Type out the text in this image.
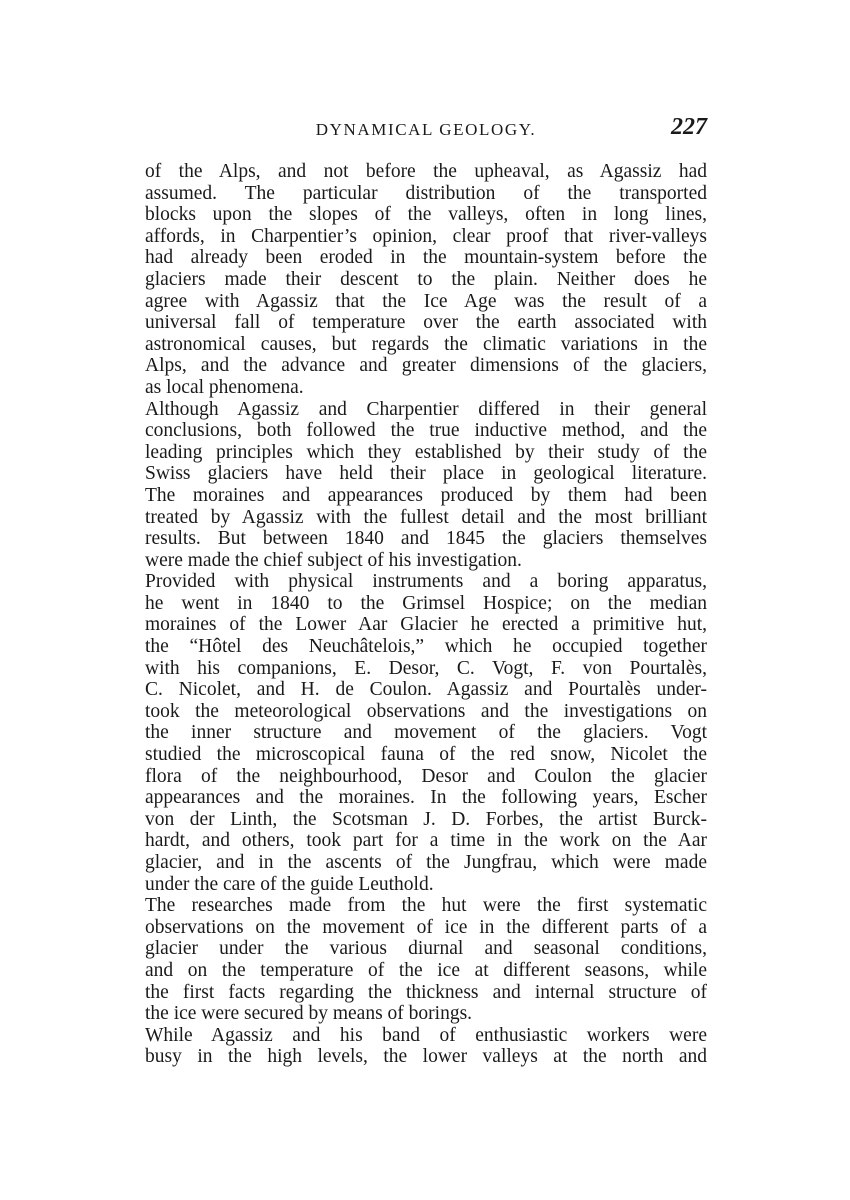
DYNAMICAL GEOLOGY.	227
of the Alps, and not before the upheaval, as Agassiz had
assumed. The particular distribution of the transported
blocks upon the slopes of the valleys, often in long lines,
affords, in Charpentier’s opinion, clear proof that river-valleys
had already been eroded in the mountain-system before the
glaciers made their descent to the plain. Neither does he
agree with Agassiz that the Ice Age was the result of a
universal fall of temperature over the earth associated with
astronomical causes, but regards the climatic variations in the
Alps, and the advance and greater dimensions of the glaciers,
as local phenomena.
Although Agassiz and Charpentier differed in their general
conclusions, both followed the true inductive method, and the
leading principles which they established by their study of the
Swiss glaciers have held their place in geological literature.
The moraines and appearances produced by them had been
treated by Agassiz with the fullest detail and the most brilliant
results. But between 1840 and 1845 the glaciers themselves
were made the chief subject of his investigation.
Provided with physical instruments and a boring apparatus,
he went in 1840 to the Grimsel Hospice; on the median
moraines of the Lower Aar Glacier he erected a primitive hut,
the “Hôtel des Neuchâtelois,” which he occupied together
with his companions, E. Desor, C. Vogt, F. von Pourtalès,
C. Nicolet, and H. de Coulon. Agassiz and Pourtalès under-
took the meteorological observations and the investigations on
the inner structure and movement of the glaciers. Vogt
studied the microscopical fauna of the red snow, Nicolet the
flora of the neighbourhood, Desor and Coulon the glacier
appearances and the moraines. In the following years, Escher
von der Linth, the Scotsman J. D. Forbes, the artist Burck-
hardt, and others, took part for a time in the work on the Aar
glacier, and in the ascents of the Jungfrau, which were made
under the care of the guide Leuthold.
The researches made from the hut were the first systematic
observations on the movement of ice in the different parts of a
glacier under the various diurnal and seasonal conditions,
and on the temperature of the ice at different seasons, while
the first facts regarding the thickness and internal structure of
the ice were secured by means of borings.
While Agassiz and his band of enthusiastic workers were
busy in the high levels, the lower valleys at the north and
